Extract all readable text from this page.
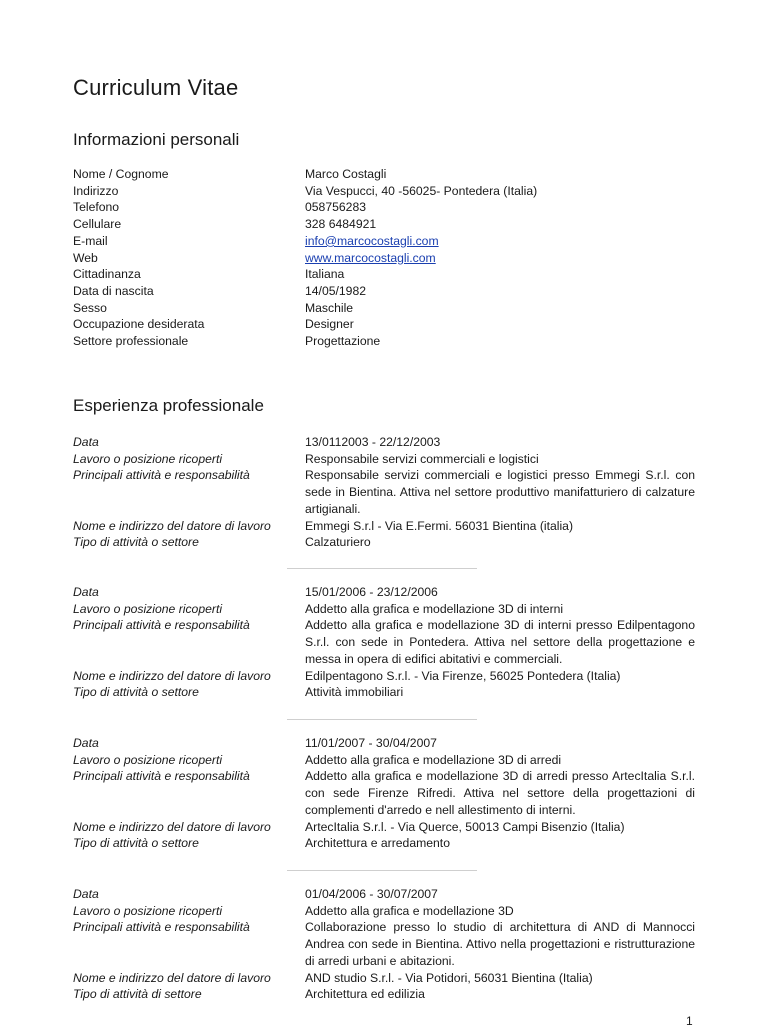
Curriculum Vitae
Informazioni personali
Nome / Cognome	Marco Costagli
Indirizzo	Via Vespucci, 40 -56025- Pontedera (Italia)
Telefono	058756283
Cellulare	328 6484921
E-mail	info@marcocostagli.com
Web	www.marcocostagli.com
Cittadinanza	Italiana
Data di nascita	14/05/1982
Sesso	Maschile
Occupazione desiderata	Designer
Settore professionale	Progettazione
Esperienza professionale
Data	13/0112003 - 22/12/2003
Lavoro o posizione ricoperti	Responsabile servizi commerciali e logistici
Principali attività e responsabilità	Responsabile servizi commerciali e logistici presso Emmegi S.r.l. con sede in Bientina. Attiva nel settore produttivo manifatturiero di calzature artigianali.
Nome e indirizzo del datore di lavoro	Emmegi S.r.l - Via E.Fermi. 56031 Bientina (italia)
Tipo di attività o settore	Calzaturiero
Data	15/01/2006 - 23/12/2006
Lavoro o posizione ricoperti	Addetto alla grafica e modellazione 3D di interni
Principali attività e responsabilità	Addetto alla grafica e modellazione 3D di interni presso Edilpentagono S.r.l. con sede in Pontedera. Attiva nel settore della progettazione e messa in opera di edifici abitativi e commerciali.
Nome e indirizzo del datore di lavoro	Edilpentagono S.r.l. - Via Firenze, 56025 Pontedera (Italia)
Tipo di attività o settore	Attività immobiliari
Data	11/01/2007 - 30/04/2007
Lavoro o posizione ricoperti	Addetto alla grafica e modellazione 3D di arredi
Principali attività e responsabilità	Addetto alla grafica e modellazione 3D di arredi presso ArtecItalia S.r.l. con sede Firenze Rifredi. Attiva nel settore della progettazioni di complementi d'arredo e nell allestimento di interni.
Nome e indirizzo del datore di lavoro	ArtecItalia S.r.l. - Via Querce, 50013 Campi Bisenzio (Italia)
Tipo di attività o settore	Architettura e arredamento
Data	01/04/2006 - 30/07/2007
Lavoro o posizione ricoperti	Addetto alla grafica e modellazione 3D
Principali attività e responsabilità	Collaborazione presso lo studio di architettura di AND di Mannocci Andrea con sede in Bientina. Attivo nella progettazioni e ristrutturazione di arredi urbani e abitazioni.
Nome e indirizzo del datore di lavoro	AND studio S.r.l. - Via Potidori, 56031 Bientina (Italia)
Tipo di attività di settore	Architettura ed edilizia
1
